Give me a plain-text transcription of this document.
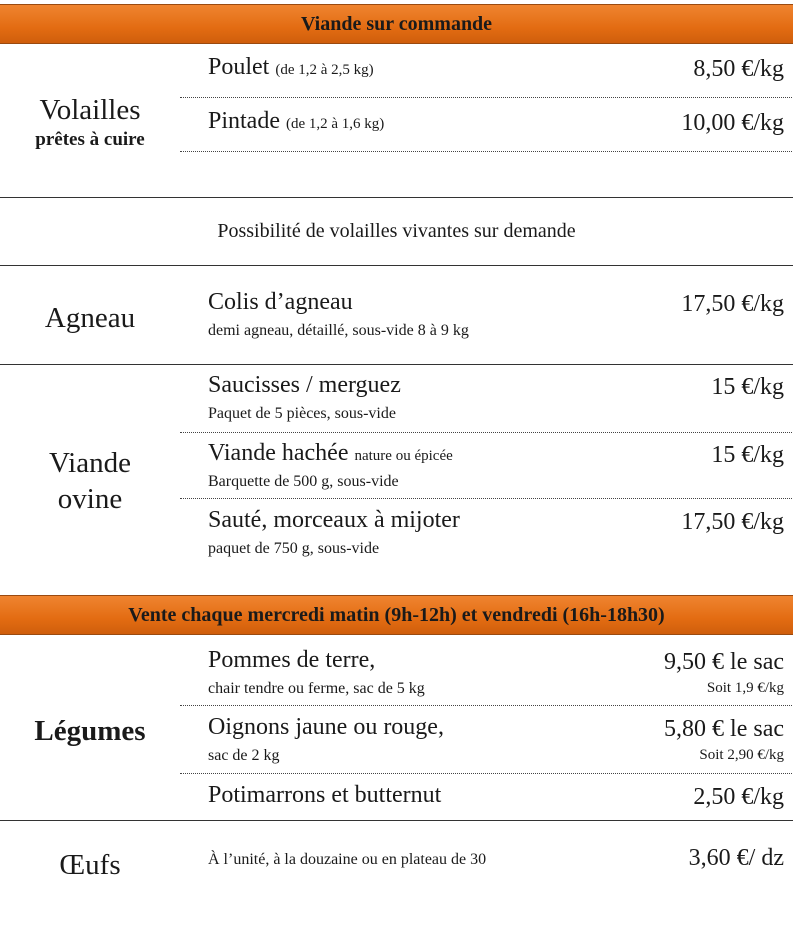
Viande sur commande
Volailles
prêtes à cuire
Poulet (de 1,2 à 2,5 kg)	8,50 €/kg
Pintade (de 1,2 à 1,6 kg)	10,00 €/kg
Possibilité de volailles vivantes sur demande
Agneau	Colis d’agneau	17,50 €/kg
demi agneau, détaillé, sous-vide 8 à 9 kg
Viande
ovine
Saucisses / merguez	15 €/kg
Paquet de 5 pièces, sous-vide
Viande hachée nature ou épicée	15 €/kg
Barquette de 500 g, sous-vide
Sauté, morceaux à mijoter	17,50 €/kg
paquet de 750 g, sous-vide
Vente chaque mercredi matin (9h-12h) et vendredi (16h-18h30)
Légumes
Pommes de terre,	9,50 € le sac
chair tendre ou ferme, sac de 5 kg	Soit 1,9 €/kg
Oignons jaune ou rouge,	5,80 € le sac
sac de 2 kg	Soit 2,90 €/kg
Potimarrons et butternut	2,50 €/kg
Œufs	À l’unité, à la douzaine ou en plateau de 30	3,60 €/ dz
